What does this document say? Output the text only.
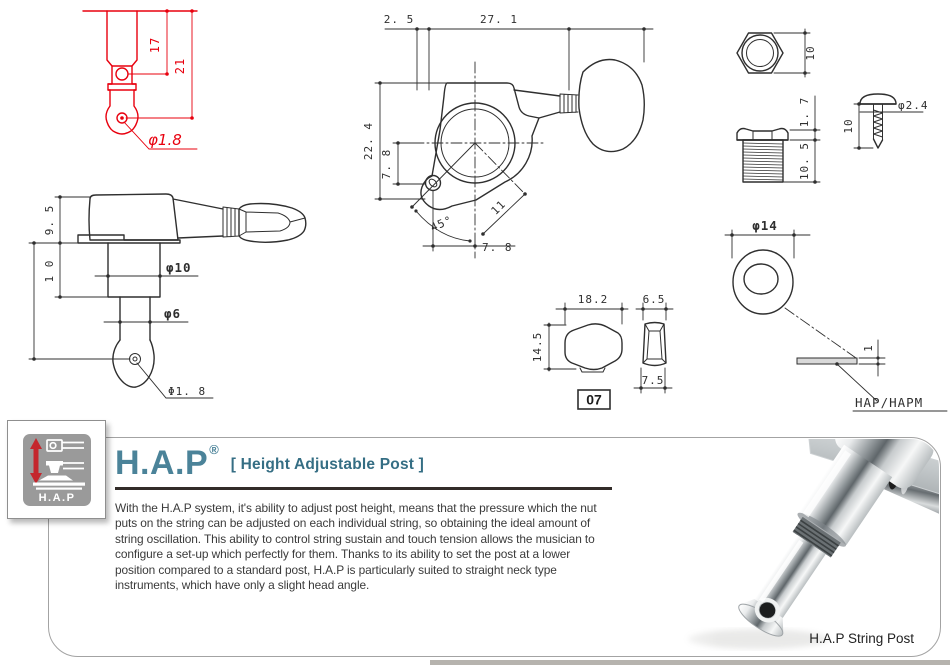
17
21
φ1.8
φ10
φ6
9. 5
1 0
Φ1. 8
2. 5	27. 1
22. 4
7. 8
11
45°
7. 8
10
1. 7
10. 5
φ2.4
10
φ14
1
HAP/HAPM
18.2
14.5
6.5
7.5
07
H.A.P ®
[ Height Adjustable Post ]

With the H.A.P system, it's ability to adjust post height, means that the pressure which the nut puts on the string can be adjusted on each individual string, so obtaining the ideal amount of string oscillation. This ability to control string sustain and touch tension allows the musician to configure a set-up which perfectly for them. Thanks to its ability to set the post at a lower position compared to a standard post, H.A.P is particularly suited to straight neck type instruments, which have only a slight head angle.

H.A.P String Post
H.A.P
